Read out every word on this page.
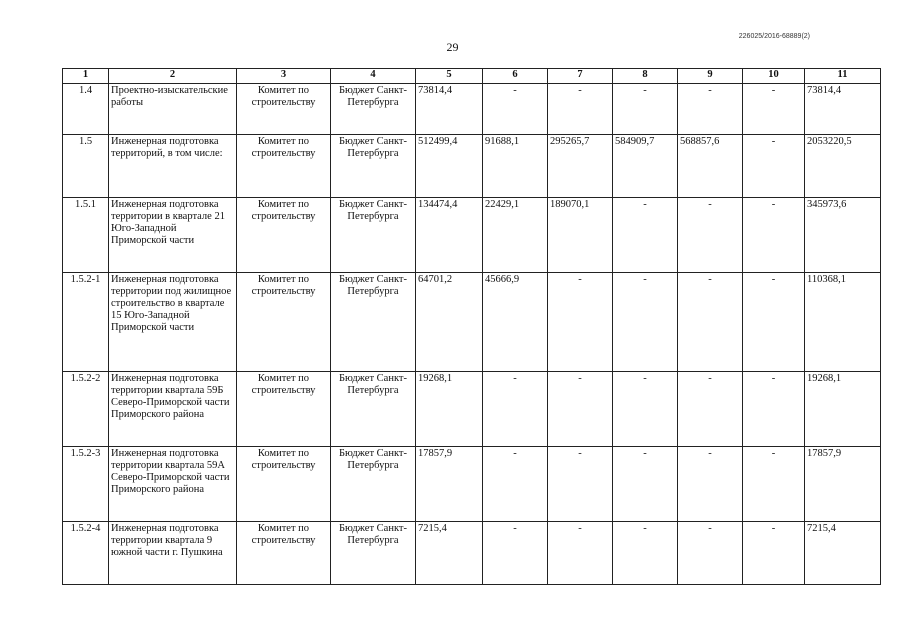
29
226025/2016-68889(2)
1	2	3	4	5	6	7	8	9	10	11
1.4	Проектно-изыскательские работы	Комитет по строительству	Бюджет Санкт-Петербурга	73814,4	-	-	-	-	-	73814,4
1.5	Инженерная подготовка территорий, в том числе:	Комитет по строительству	Бюджет Санкт-Петербурга	512499,4	91688,1	295265,7	584909,7	568857,6	-	2053220,5
1.5.1	Инженерная подготовка территории в квартале 21 Юго-Западной Приморской части	Комитет по строительству	Бюджет Санкт-Петербурга	134474,4	22429,1	189070,1	-	-	-	345973,6
1.5.2-1	Инженерная подготовка территории под жилищное строительство в квартале 15 Юго-Западной Приморской части	Комитет по строительству	Бюджет Санкт-Петербурга	64701,2	45666,9	-	-	-	-	110368,1
1.5.2-2	Инженерная подготовка территории квартала 59Б Северо-Приморской части Приморского района	Комитет по строительству	Бюджет Санкт-Петербурга	19268,1	-	-	-	-	-	19268,1
1.5.2-3	Инженерная подготовка территории квартала 59А Северо-Приморской части Приморского района	Комитет по строительству	Бюджет Санкт-Петербурга	17857,9	-	-	-	-	-	17857,9
1.5.2-4	Инженерная подготовка территории квартала 9 южной части г. Пушкина	Комитет по строительству	Бюджет Санкт-Петербурга	7215,4	-	-	-	-	-	7215,4
